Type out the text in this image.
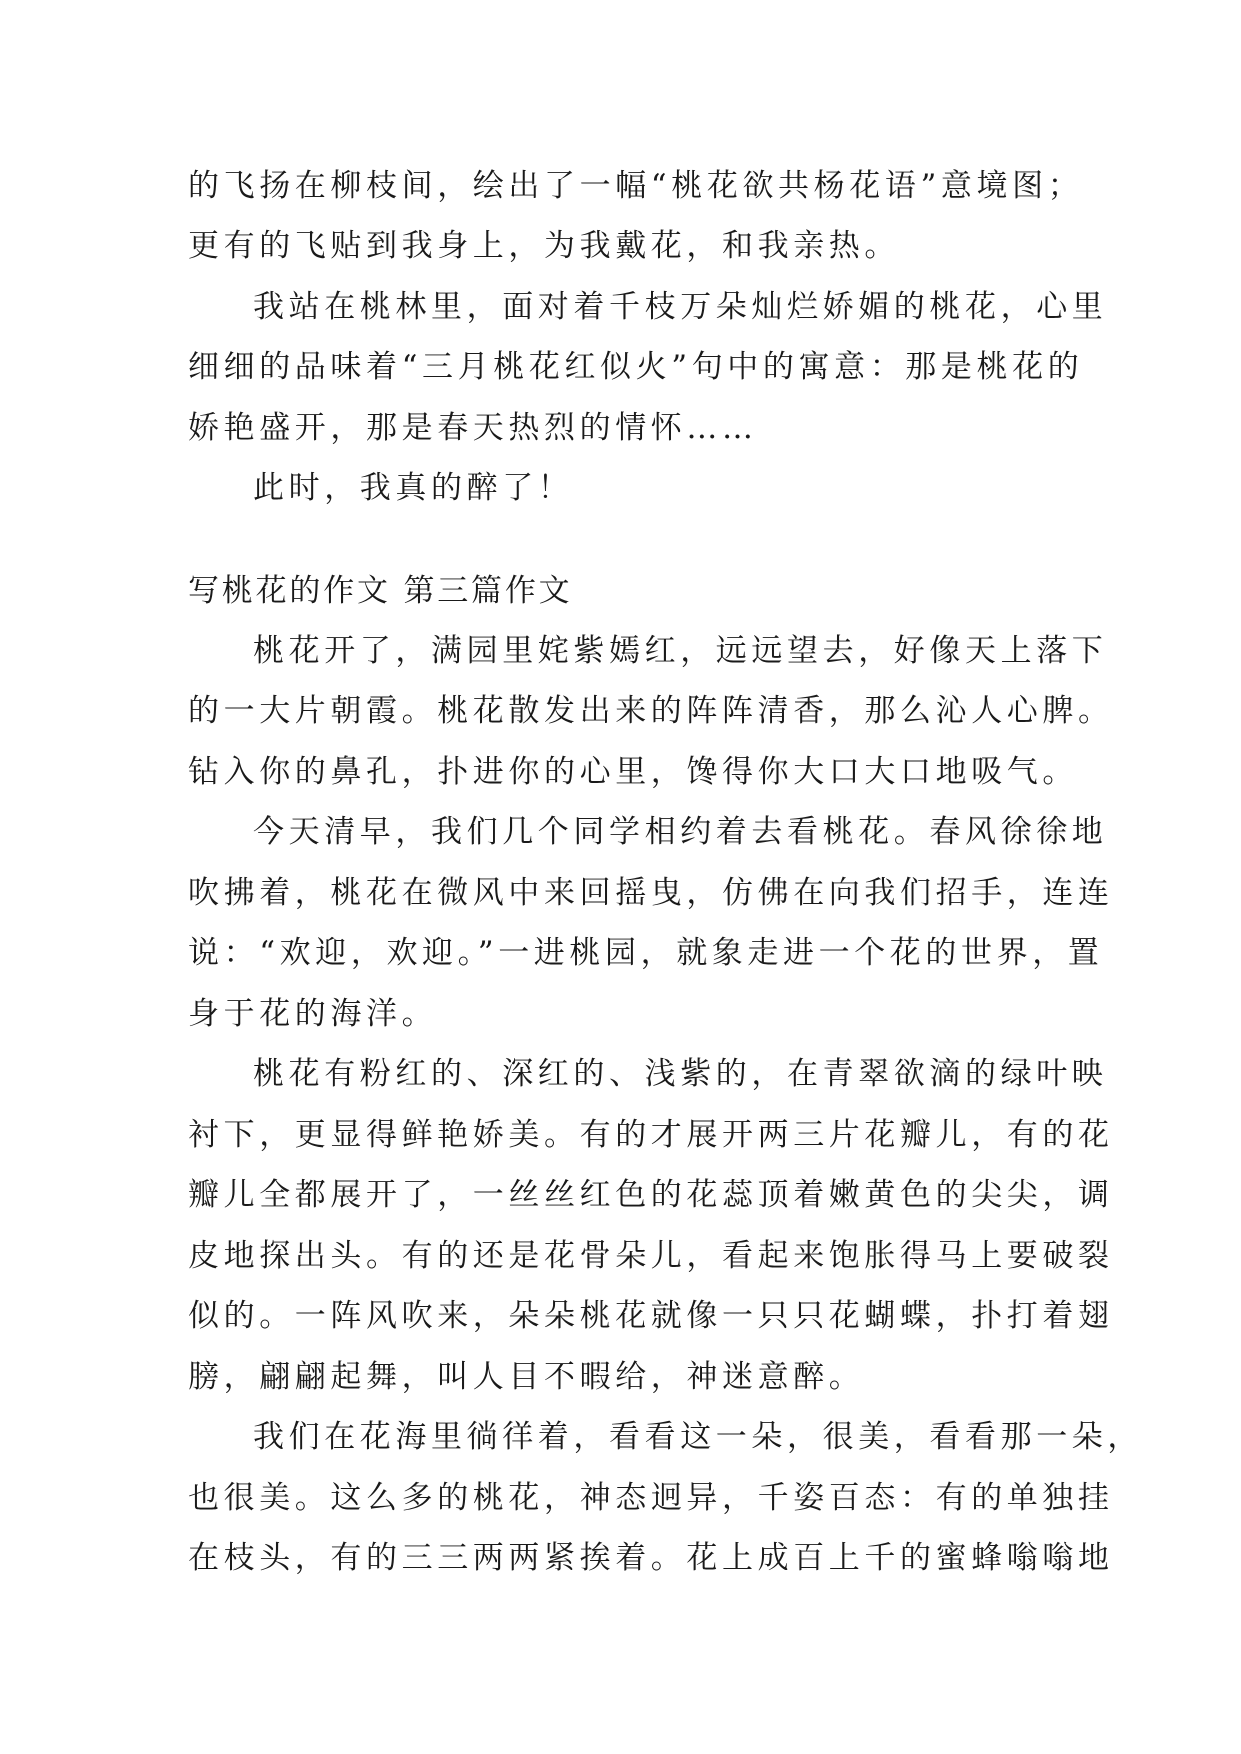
的飞扬在柳枝间，绘出了一幅“桃花欲共杨花语”意境图；
更有的飞贴到我身上，为我戴花，和我亲热。
我站在桃林里，面对着千枝万朵灿烂娇媚的桃花，心里
细细的品味着“三月桃花红似火”句中的寓意：那是桃花的
娇艳盛开，那是春天热烈的情怀……
此时，我真的醉了！
写桃花的作文 第三篇作文
桃花开了，满园里姹紫嫣红，远远望去，好像天上落下
的一大片朝霞。桃花散发出来的阵阵清香，那么沁人心脾。
钻入你的鼻孔，扑进你的心里，馋得你大口大口地吸气。
今天清早，我们几个同学相约着去看桃花。春风徐徐地
吹拂着，桃花在微风中来回摇曳，仿佛在向我们招手，连连
说：“欢迎，欢迎。”一进桃园，就象走进一个花的世界，置
身于花的海洋。
桃花有粉红的、深红的、浅紫的，在青翠欲滴的绿叶映
衬下，更显得鲜艳娇美。有的才展开两三片花瓣儿，有的花
瓣儿全都展开了，一丝丝红色的花蕊顶着嫩黄色的尖尖，调
皮地探出头。有的还是花骨朵儿，看起来饱胀得马上要破裂
似的。一阵风吹来，朵朵桃花就像一只只花蝴蝶，扑打着翅
膀，翩翩起舞，叫人目不暇给，神迷意醉。
我们在花海里徜徉着，看看这一朵，很美，看看那一朵，
也很美。这么多的桃花，神态迥异，千姿百态：有的单独挂
在枝头，有的三三两两紧挨着。花上成百上千的蜜蜂嗡嗡地
